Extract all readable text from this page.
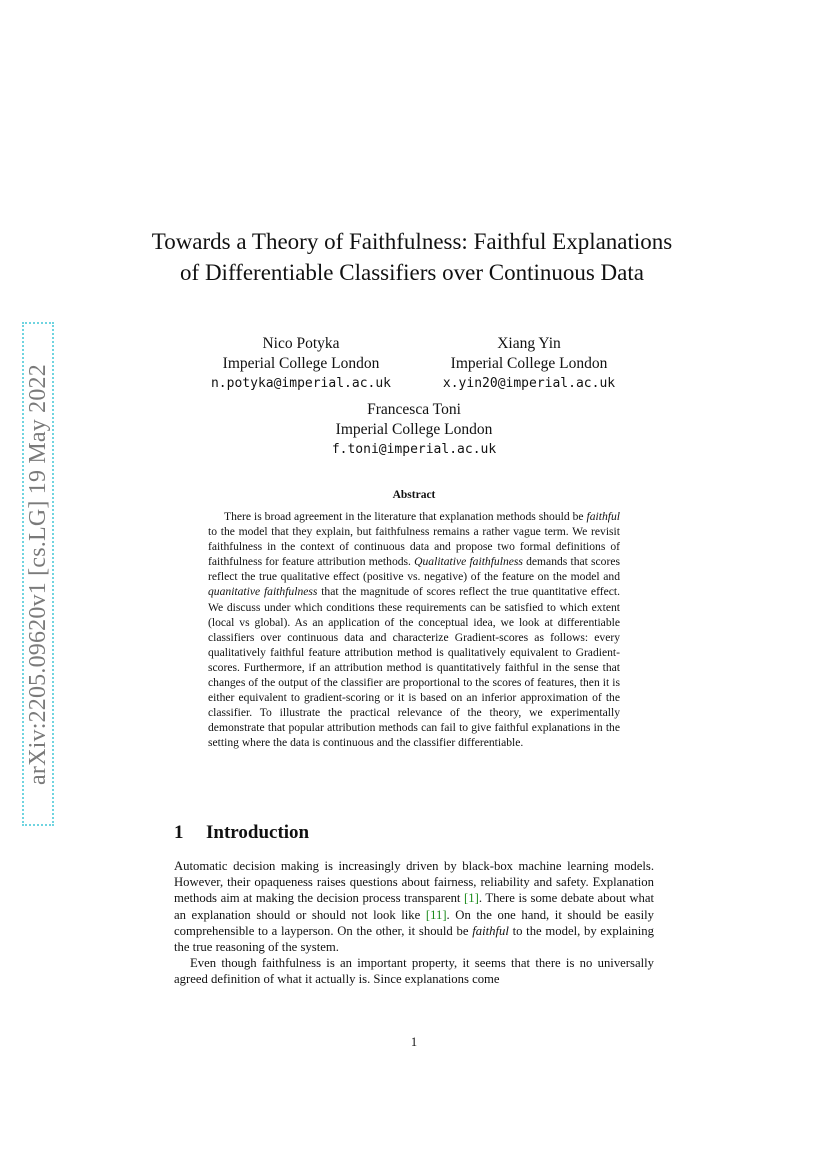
arXiv:2205.09620v1 [cs.LG] 19 May 2022
Towards a Theory of Faithfulness: Faithful Explanations of Differentiable Classifiers over Continuous Data
Nico Potyka
Imperial College London
n.potyka@imperial.ac.uk
Xiang Yin
Imperial College London
x.yin20@imperial.ac.uk
Francesca Toni
Imperial College London
f.toni@imperial.ac.uk
Abstract

There is broad agreement in the literature that explanation methods should be faithful to the model that they explain, but faithfulness remains a rather vague term. We revisit faithfulness in the context of continuous data and propose two formal definitions of faithfulness for feature attribution methods. Qualitative faithfulness demands that scores reflect the true qualitative effect (positive vs. negative) of the feature on the model and quanitative faithfulness that the magnitude of scores reflect the true quantitative effect. We discuss under which conditions these requirements can be satisfied to which extent (local vs global). As an application of the conceptual idea, we look at differentiable classifiers over continuous data and characterize Gradient-scores as follows: every qualitatively faithful feature attribution method is qualitatively equivalent to Gradient-scores. Furthermore, if an attribution method is quantitatively faithful in the sense that changes of the output of the classifier are proportional to the scores of features, then it is either equivalent to gradient-scoring or it is based on an inferior approximation of the classifier. To illustrate the practical relevance of the theory, we experimentally demonstrate that popular attribution methods can fail to give faithful explanations in the setting where the data is continuous and the classifier differentiable.

1 Introduction

Automatic decision making is increasingly driven by black-box machine learning models. However, their opaqueness raises questions about fairness, reliability and safety. Explanation methods aim at making the decision process transparent [1]. There is some debate about what an explanation should or should not look like [11]. On the one hand, it should be easily comprehensible to a layperson. On the other, it should be faithful to the model, by explaining the true reasoning of the system.

Even though faithfulness is an important property, it seems that there is no universally agreed definition of what it actually is. Since explanations come

1
